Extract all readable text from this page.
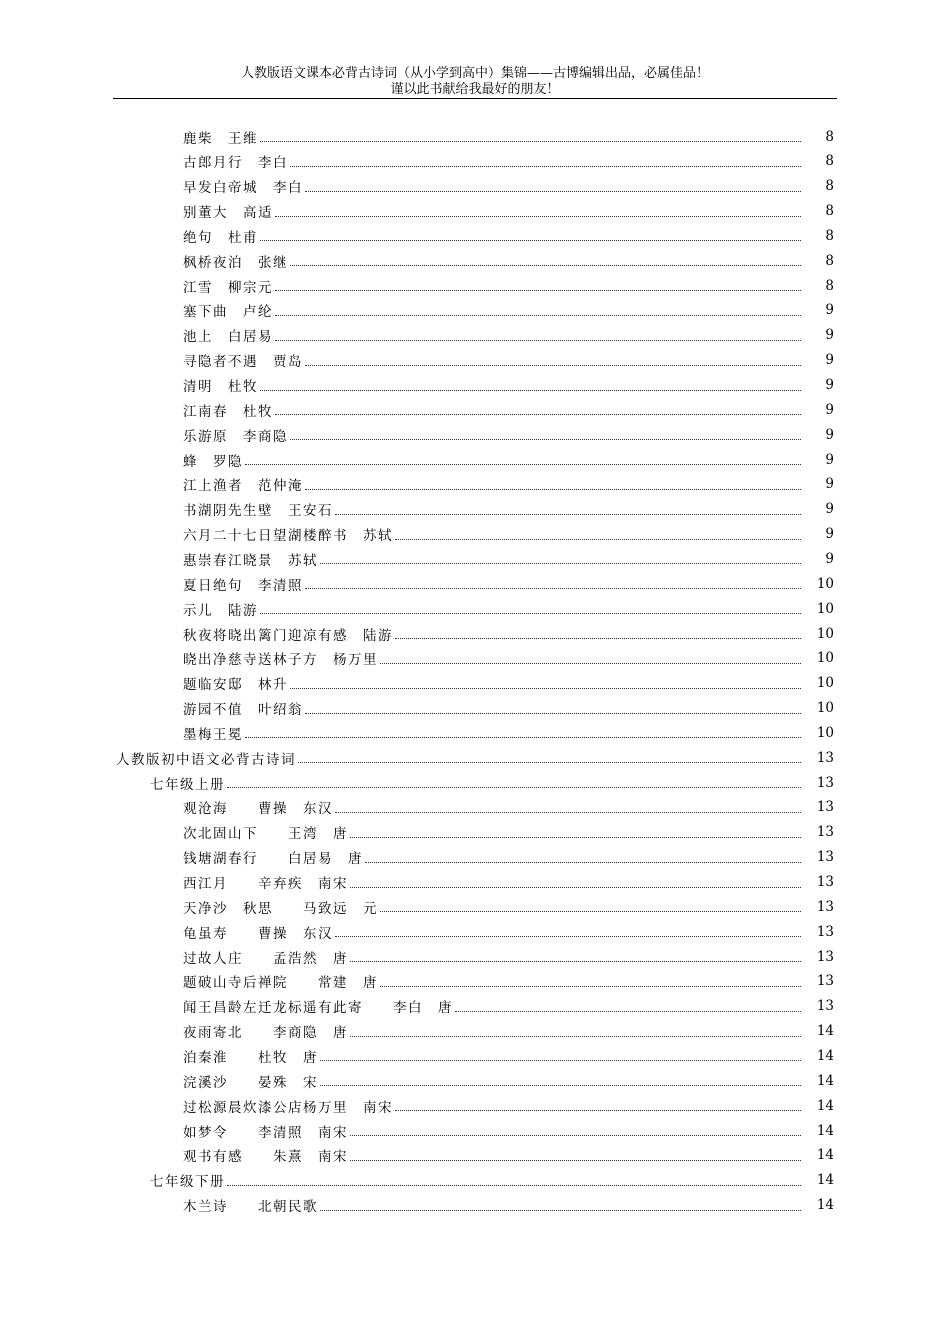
人教版语文课本必背古诗词（从小学到高中）集锦——古博编辑出品，必属佳品！
谨以此书献给我最好的朋友！
鹿柴　王维	8
古郎月行　李白	8
早发白帝城　李白	8
别董大　高适	8
绝句　杜甫	8
枫桥夜泊　张继	8
江雪　柳宗元	8
塞下曲　卢纶	9
池上　白居易	9
寻隐者不遇　贾岛	9
清明　杜牧	9
江南春　杜牧	9
乐游原　李商隐	9
蜂　罗隐	9
江上渔者　范仲淹	9
书湖阴先生壁　王安石	9
六月二十七日望湖楼醉书　苏轼	9
惠崇春江晓景　苏轼	9
夏日绝句　李清照	10
示儿　陆游	10
秋夜将晓出篱门迎凉有感　陆游	10
晓出净慈寺送林子方　杨万里	10
题临安邸　林升	10
游园不值　叶绍翁	10
墨梅王冕	10
人教版初中语文必背古诗词	13
七年级上册	13
观沧海　　曹操　东汉	13
次北固山下　　王湾　唐	13
钱塘湖春行　　白居易　唐	13
西江月　　辛弃疾　南宋	13
天净沙　秋思　　马致远　元	13
龟虽寿　　曹操　东汉	13
过故人庄　　孟浩然　唐	13
题破山寺后禅院　　常建　唐	13
闻王昌龄左迁龙标遥有此寄　　李白　唐	13
夜雨寄北　　李商隐　唐	14
泊秦淮　　杜牧　唐	14
浣溪沙　　晏殊　宋	14
过松源晨炊漆公店杨万里　南宋	14
如梦令　　李清照　南宋	14
观书有感　　朱熹　南宋	14
七年级下册	14
木兰诗　　北朝民歌	14
